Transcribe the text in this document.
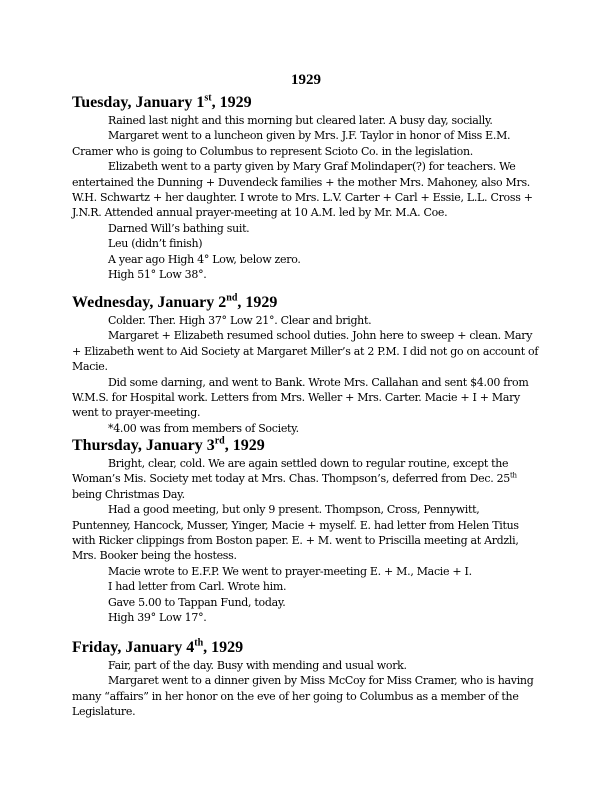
1929
Tuesday, January 1st, 1929

Rained last night and this morning but cleared later. A busy day, socially.

Margaret went to a luncheon given by Mrs. J.F. Taylor in honor of Miss E.M. Cramer who is going to Columbus to represent Scioto Co. in the legislation.

Elizabeth went to a party given by Mary Graf Molindaper(?) for teachers. We entertained the Dunning + Duvendeck families + the mother Mrs. Mahoney, also Mrs. W.H. Schwartz + her daughter. I wrote to Mrs. L.V. Carter + Carl + Essie, L.L. Cross + J.N.R. Attended annual prayer-meeting at 10 A.M. led by Mr. M.A. Coe.

Darned Will’s bathing suit.

Leu (didn’t finish)

A year ago High 4° Low, below zero.

High 51° Low 38°.

Wednesday, January 2nd, 1929

Colder. Ther. High 37° Low 21°. Clear and bright.

Margaret + Elizabeth resumed school duties. John here to sweep + clean. Mary + Elizabeth went to Aid Society at Margaret Miller’s at 2 P.M. I did not go on account of Macie.

Did some darning, and went to Bank. Wrote Mrs. Callahan and sent $4.00 from W.M.S. for Hospital work. Letters from Mrs. Weller + Mrs. Carter. Macie + I + Mary went to prayer-meeting.

*4.00 was from members of Society.

Thursday, January 3rd, 1929

Bright, clear, cold. We are again settled down to regular routine, except the Woman’s Mis. Society met today at Mrs. Chas. Thompson’s, deferred from Dec. 25th being Christmas Day.

Had a good meeting, but only 9 present. Thompson, Cross, Pennywitt, Puntenney, Hancock, Musser, Yinger, Macie + myself. E. had letter from Helen Titus with Ricker clippings from Boston paper. E. + M. went to Priscilla meeting at Ardzli, Mrs. Booker being the hostess.

Macie wrote to E.F.P. We went to prayer-meeting E. + M., Macie + I.

I had letter from Carl. Wrote him.

Gave 5.00 to Tappan Fund, today.

High 39° Low 17°.

Friday, January 4th, 1929

Fair, part of the day. Busy with mending and usual work.

Margaret went to a dinner given by Miss McCoy for Miss Cramer, who is having many “affairs” in her honor on the eve of her going to Columbus as a member of the Legislature.
